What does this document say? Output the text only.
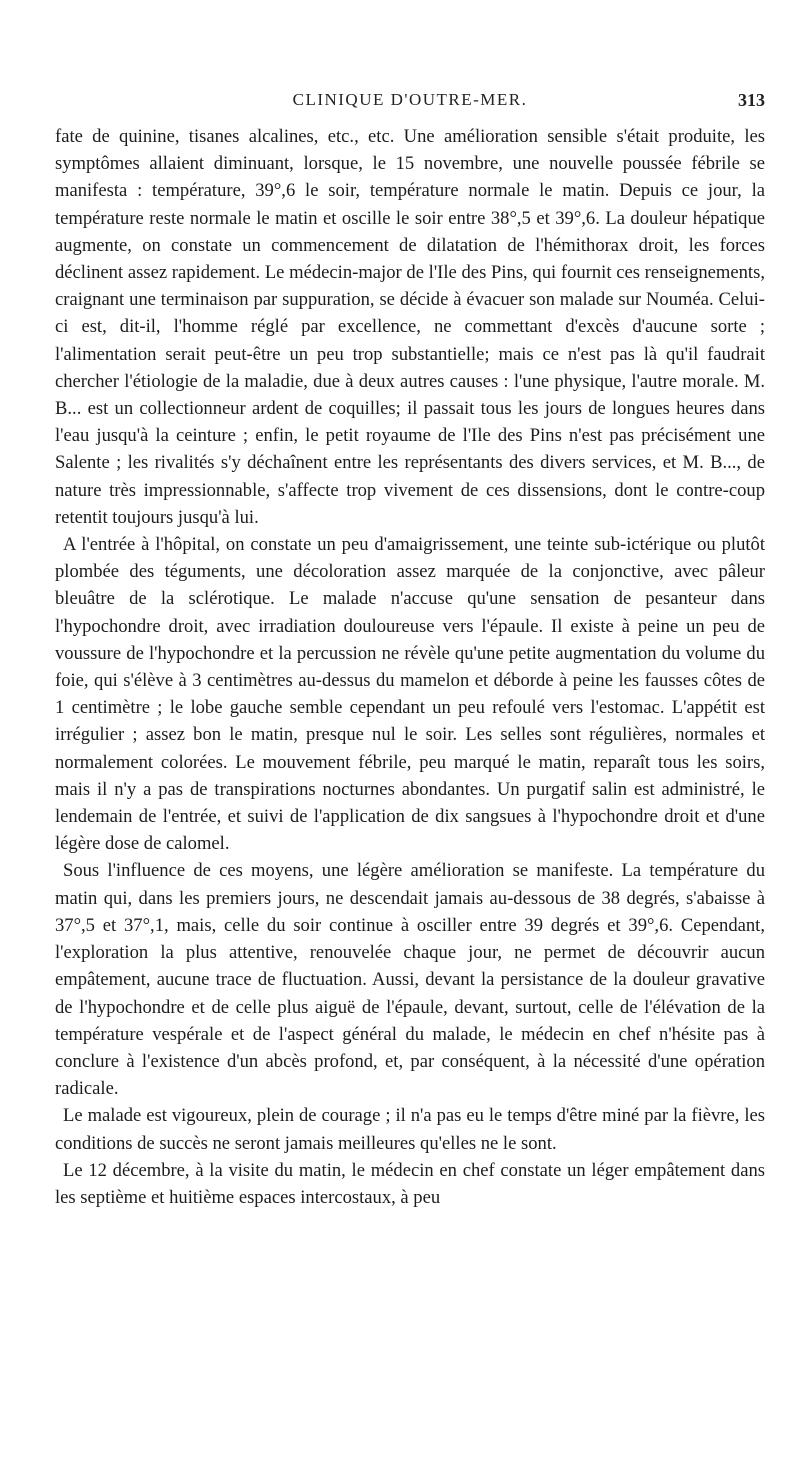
CLINIQUE D'OUTRE-MER.	313

fate de quinine, tisanes alcalines, etc., etc. Une amélioration sensible s'était produite, les symptômes allaient diminuant, lorsque, le 15 novembre, une nouvelle poussée fébrile se manifesta : température, 39°,6 le soir, température normale le matin. Depuis ce jour, la température reste normale le matin et oscille le soir entre 38°,5 et 39°,6. La douleur hépatique augmente, on constate un commencement de dilatation de l'hémithorax droit, les forces déclinent assez rapidement. Le médecin-major de l'Ile des Pins, qui fournit ces renseignements, craignant une terminaison par suppuration, se décide à évacuer son malade sur Nouméa. Celui-ci est, dit-il, l'homme réglé par excellence, ne commettant d'excès d'aucune sorte ; l'alimentation serait peut-être un peu trop substantielle; mais ce n'est pas là qu'il faudrait chercher l'étiologie de la maladie, due à deux autres causes : l'une physique, l'autre morale. M. B... est un collectionneur ardent de coquilles; il passait tous les jours de longues heures dans l'eau jusqu'à la ceinture ; enfin, le petit royaume de l'Ile des Pins n'est pas précisément une Salente ; les rivalités s'y déchaînent entre les représentants des divers services, et M. B..., de nature très impressionnable, s'affecte trop vivement de ces dissensions, dont le contre-coup retentit toujours jusqu'à lui.

A l'entrée à l'hôpital, on constate un peu d'amaigrissement, une teinte sub-ictérique ou plutôt plombée des téguments, une décoloration assez marquée de la conjonctive, avec pâleur bleuâtre de la sclérotique. Le malade n'accuse qu'une sensation de pesanteur dans l'hypochondre droit, avec irradiation douloureuse vers l'épaule. Il existe à peine un peu de voussure de l'hypochondre et la percussion ne révèle qu'une petite augmentation du volume du foie, qui s'élève à 3 centimètres au-dessus du mamelon et déborde à peine les fausses côtes de 1 centimètre ; le lobe gauche semble cependant un peu refoulé vers l'estomac. L'appétit est irrégulier ; assez bon le matin, presque nul le soir. Les selles sont régulières, normales et normalement colorées. Le mouvement fébrile, peu marqué le matin, reparaît tous les soirs, mais il n'y a pas de transpirations nocturnes abondantes. Un purgatif salin est administré, le lendemain de l'entrée, et suivi de l'application de dix sangsues à l'hypochondre droit et d'une légère dose de calomel.

Sous l'influence de ces moyens, une légère amélioration se manifeste. La température du matin qui, dans les premiers jours, ne descendait jamais au-dessous de 38 degrés, s'abaisse à 37°,5 et 37°,1, mais, celle du soir continue à osciller entre 39 degrés et 39°,6. Cependant, l'exploration la plus attentive, renouvelée chaque jour, ne permet de découvrir aucun empâtement, aucune trace de fluctuation. Aussi, devant la persistance de la douleur gravative de l'hypochondre et de celle plus aiguë de l'épaule, devant, surtout, celle de l'élévation de la température vespérale et de l'aspect général du malade, le médecin en chef n'hésite pas à conclure à l'existence d'un abcès profond, et, par conséquent, à la nécessité d'une opération radicale.

Le malade est vigoureux, plein de courage ; il n'a pas eu le temps d'être miné par la fièvre, les conditions de succès ne seront jamais meilleures qu'elles ne le sont.

Le 12 décembre, à la visite du matin, le médecin en chef constate un léger empâtement dans les septième et huitième espaces intercostaux, à peu
